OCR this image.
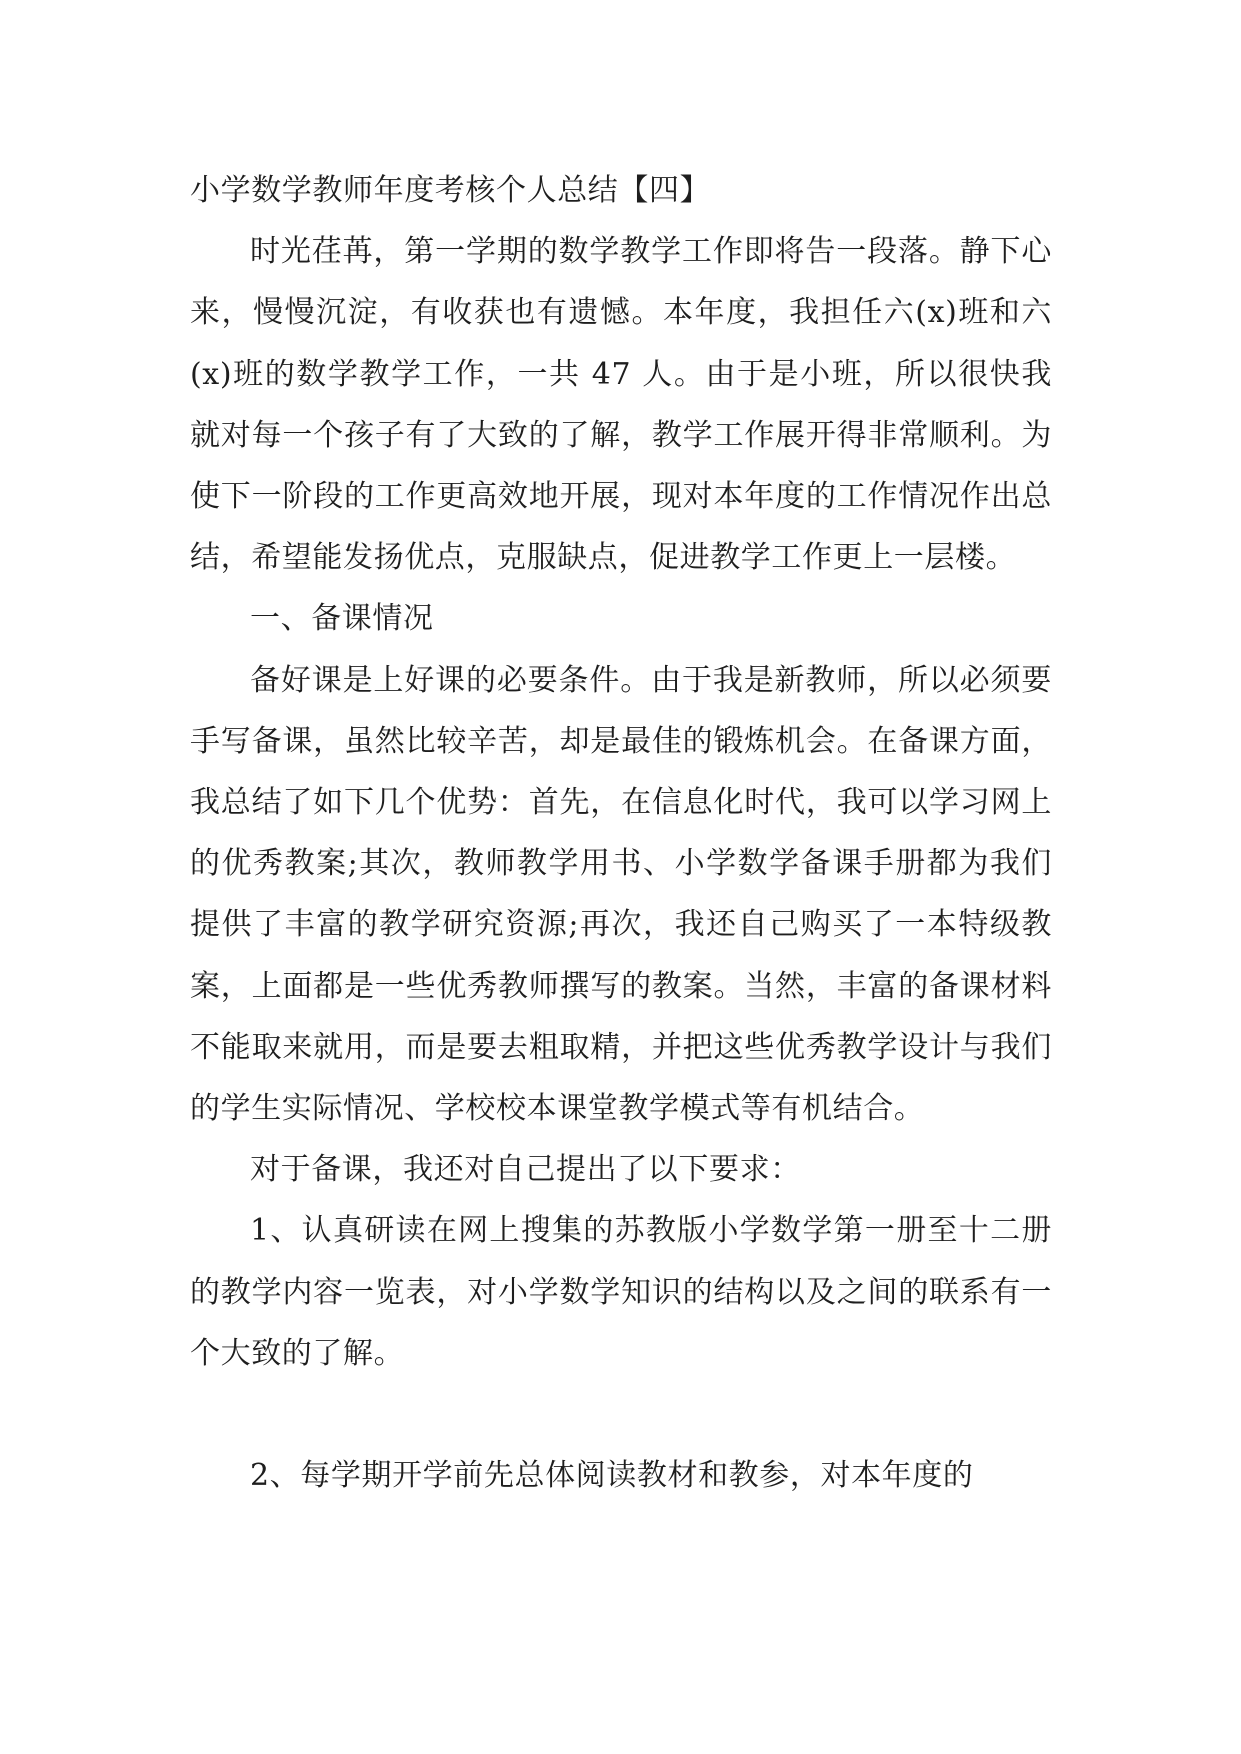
小学数学教师年度考核个人总结【四】

时光荏苒，第一学期的数学教学工作即将告一段落。静下心来，慢慢沉淀，有收获也有遗憾。本年度，我担任六(x)班和六(x)班的数学教学工作，一共 47 人。由于是小班，所以很快我就对每一个孩子有了大致的了解，教学工作展开得非常顺利。为使下一阶段的工作更高效地开展，现对本年度的工作情况作出总结，希望能发扬优点，克服缺点，促进教学工作更上一层楼。

一、备课情况

备好课是上好课的必要条件。由于我是新教师，所以必须要手写备课，虽然比较辛苦，却是最佳的锻炼机会。在备课方面，我总结了如下几个优势：首先，在信息化时代，我可以学习网上的优秀教案;其次，教师教学用书、小学数学备课手册都为我们提供了丰富的教学研究资源;再次，我还自己购买了一本特级教案，上面都是一些优秀教师撰写的教案。当然，丰富的备课材料不能取来就用，而是要去粗取精，并把这些优秀教学设计与我们的学生实际情况、学校校本课堂教学模式等有机结合。

对于备课，我还对自己提出了以下要求：

1、认真研读在网上搜集的苏教版小学数学第一册至十二册的教学内容一览表，对小学数学知识的结构以及之间的联系有一个大致的了解。

2、每学期开学前先总体阅读教材和教参，对本年度的
